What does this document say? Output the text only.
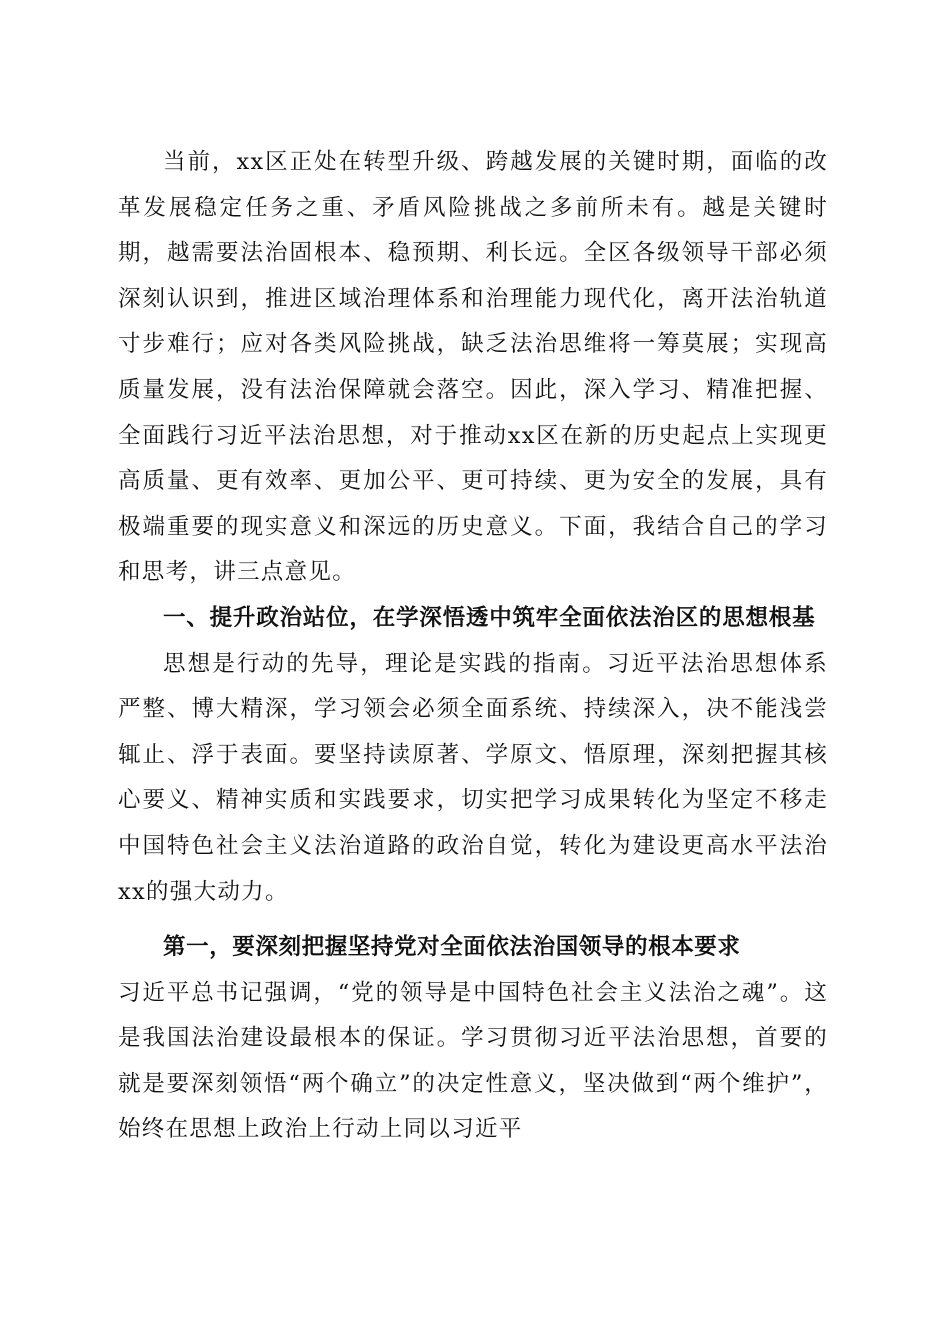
当前，xx区正处在转型升级、跨越发展的关键时期，面临的改革发展稳定任务之重、矛盾风险挑战之多前所未有。越是关键时期，越需要法治固根本、稳预期、利长远。全区各级领导干部必须深刻认识到，推进区域治理体系和治理能力现代化，离开法治轨道寸步难行；应对各类风险挑战，缺乏法治思维将一筹莫展；实现高质量发展，没有法治保障就会落空。因此，深入学习、精准把握、全面践行习近平法治思想，对于推动xx区在新的历史起点上实现更高质量、更有效率、更加公平、更可持续、更为安全的发展，具有极端重要的现实意义和深远的历史意义。下面，我结合自己的学习和思考，讲三点意见。

一、提升政治站位，在学深悟透中筑牢全面依法治区的思想根基

思想是行动的先导，理论是实践的指南。习近平法治思想体系严整、博大精深，学习领会必须全面系统、持续深入，决不能浅尝辄止、浮于表面。要坚持读原著、学原文、悟原理，深刻把握其核心要义、精神实质和实践要求，切实把学习成果转化为坚定不移走中国特色社会主义法治道路的政治自觉，转化为建设更高水平法治xx的强大动力。

第一，要深刻把握坚持党对全面依法治国领导的根本要求

习近平总书记强调，“党的领导是中国特色社会主义法治之魂”。这是我国法治建设最根本的保证。学习贯彻习近平法治思想，首要的就是要深刻领悟“两个确立”的决定性意义，坚决做到“两个维护”，始终在思想上政治上行动上同以习近平
